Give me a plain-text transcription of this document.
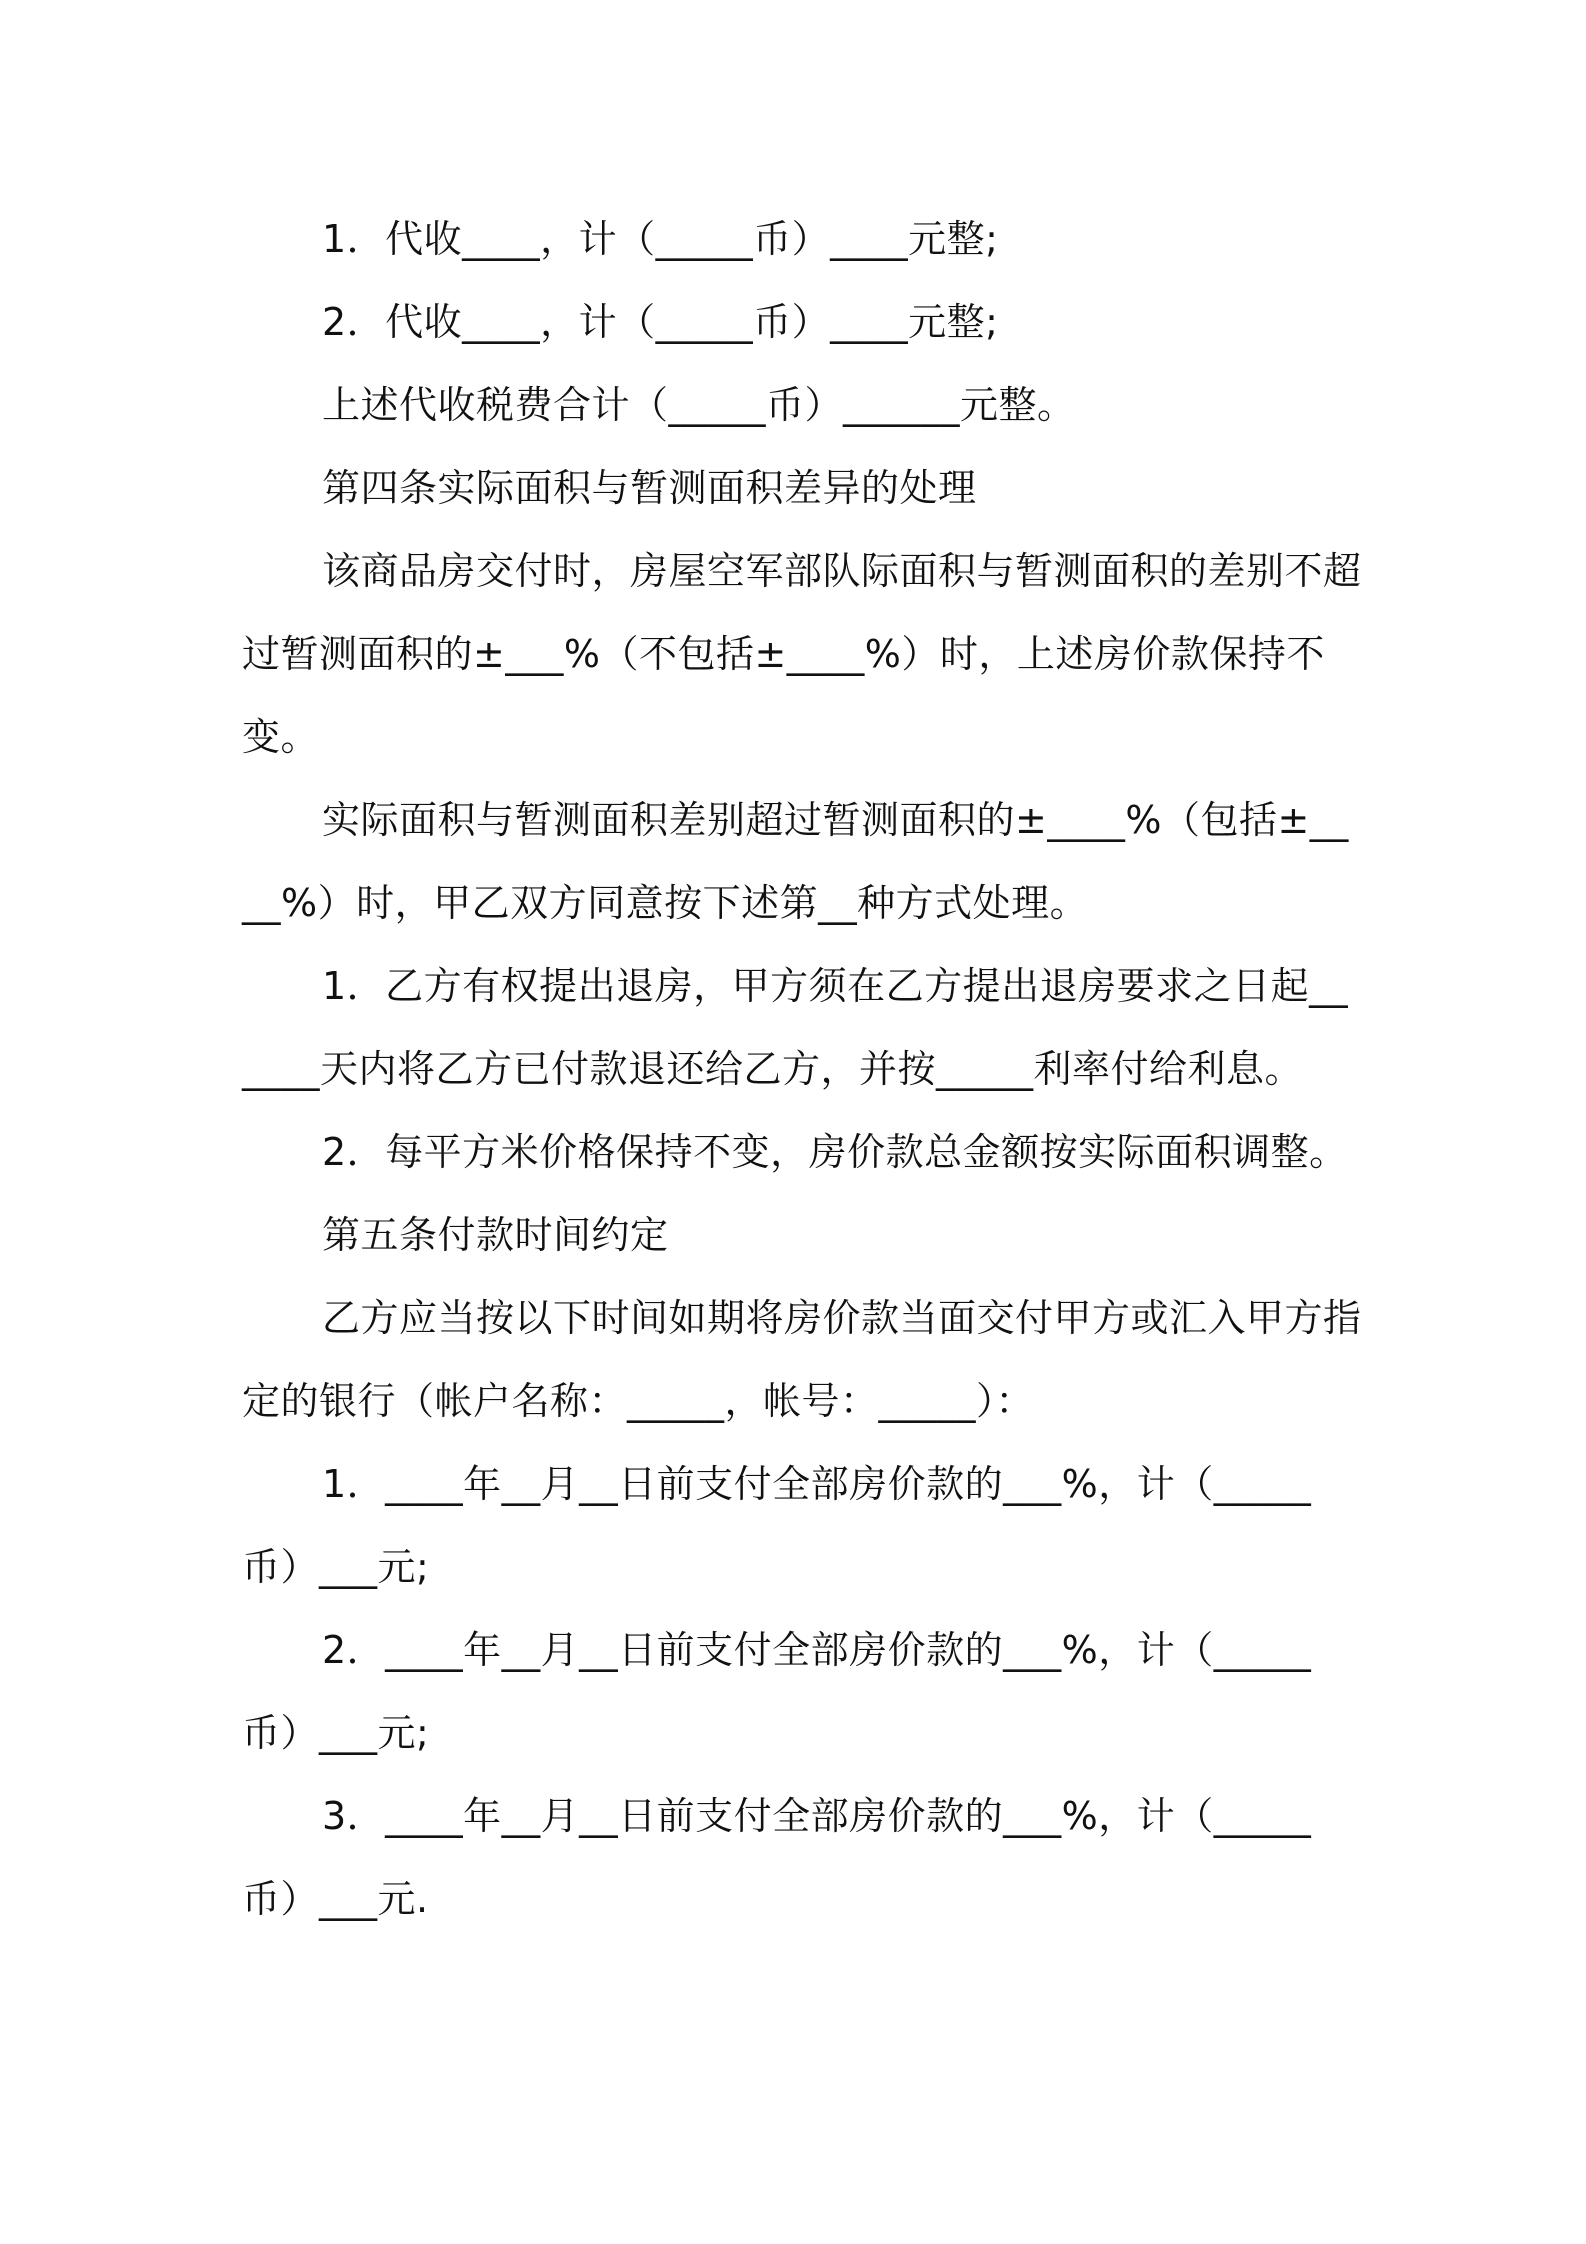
1．代收____，计（_____币）____元整;

2．代收____，计（_____币）____元整;

上述代收税费合计（_____币）______元整。

第四条实际面积与暂测面积差异的处理

该商品房交付时，房屋空军部队际面积与暂测面积的差别不超过暂测面积的±___%（不包括±____%）时，上述房价款保持不变。

实际面积与暂测面积差别超过暂测面积的±____%（包括±____%）时，甲乙双方同意按下述第__种方式处理。

1．乙方有权提出退房，甲方须在乙方提出退房要求之日起______天内将乙方已付款退还给乙方，并按_____利率付给利息。

2．每平方米价格保持不变，房价款总金额按实际面积调整。

第五条付款时间约定

乙方应当按以下时间如期将房价款当面交付甲方或汇入甲方指定的银行（帐户名称：_____，帐号：_____）：

1．____年__月__日前支付全部房价款的___%，计（_____币）___元;

2．____年__月__日前支付全部房价款的___%，计（_____币）___元;

3．____年__月__日前支付全部房价款的___%，计（_____币）___元.
